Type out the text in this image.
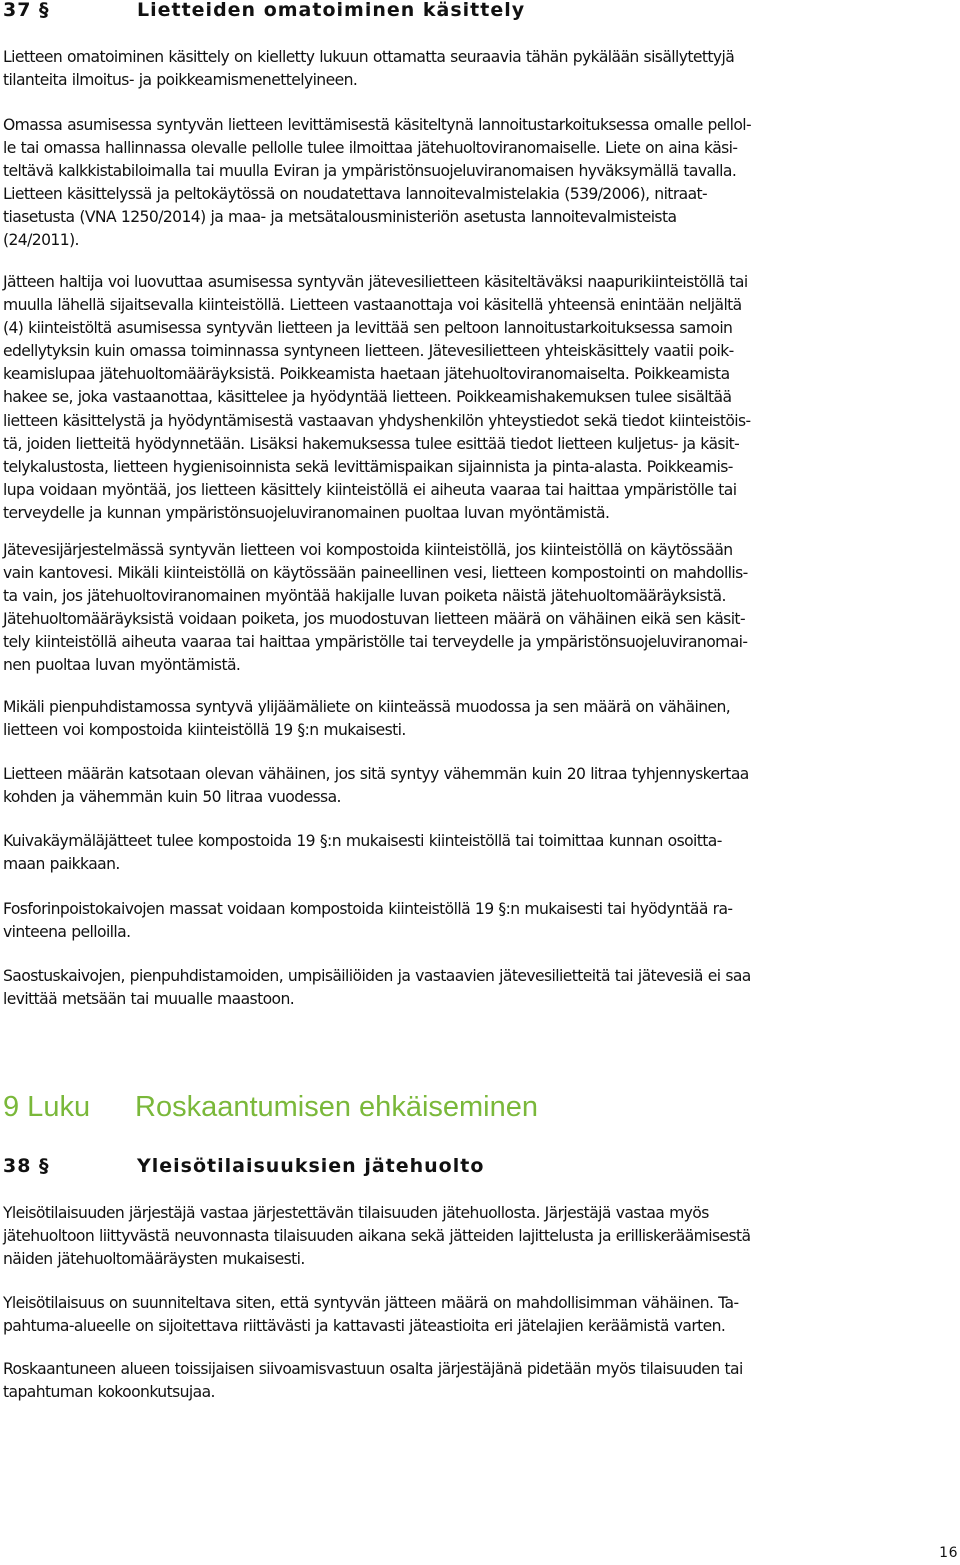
37 §	Lietteiden omatoiminen käsittely

Lietteen omatoiminen käsittely on kielletty lukuun ottamatta seuraavia tähän pykälään sisällytettyjä
tilanteita ilmoitus- ja poikkeamismenettelyineen.

Omassa asumisessa syntyvän lietteen levittämisestä käsiteltynä lannoitustarkoituksessa omalle pellol-
le tai omassa hallinnassa olevalle pellolle tulee ilmoittaa jätehuoltoviranomaiselle. Liete on aina käsi-
teltävä kalkkistabiloimalla tai muulla Eviran ja ympäristönsuojeluviranomaisen hyväksymällä tavalla.
Lietteen käsittelyssä ja peltokäytössä on noudatettava lannoitevalmistelakia (539/2006), nitraat-
tiasetusta (VNA 1250/2014) ja maa- ja metsätalousministeriön asetusta lannoitevalmisteista
(24/2011).

Jätteen haltija voi luovuttaa asumisessa syntyvän jätevesilietteen käsiteltäväksi naapurikiinteistöllä tai
muulla lähellä sijaitsevalla kiinteistöllä. Lietteen vastaanottaja voi käsitellä yhteensä enintään neljältä
(4) kiinteistöltä asumisessa syntyvän lietteen ja levittää sen peltoon lannoitustarkoituksessa samoin
edellytyksin kuin omassa toiminnassa syntyneen lietteen. Jätevesilietteen yhteiskäsittely vaatii poik-
keamislupaa jätehuoltomääräyksistä. Poikkeamista haetaan jätehuoltoviranomaiselta. Poikkeamista
hakee se, joka vastaanottaa, käsittelee ja hyödyntää lietteen. Poikkeamishakemuksen tulee sisältää
lietteen käsittelystä ja hyödyntämisestä vastaavan yhdyshenkilön yhteystiedot sekä tiedot kiinteistöis-
tä, joiden lietteitä hyödynnetään. Lisäksi hakemuksessa tulee esittää tiedot lietteen kuljetus- ja käsit-
telykalustosta, lietteen hygienisoinnista sekä levittämispaikan sijainnista ja pinta-alasta. Poikkeamis-
lupa voidaan myöntää, jos lietteen käsittely kiinteistöllä ei aiheuta vaaraa tai haittaa ympäristölle tai
terveydelle ja kunnan ympäristönsuojeluviranomainen puoltaa luvan myöntämistä.

Jätevesijärjestelmässä syntyvän lietteen voi kompostoida kiinteistöllä, jos kiinteistöllä on käytössään
vain kantovesi. Mikäli kiinteistöllä on käytössään paineellinen vesi, lietteen kompostointi on mahdollis-
ta vain, jos jätehuoltoviranomainen myöntää hakijalle luvan poiketa näistä jätehuoltomääräyksistä.
Jätehuoltomääräyksistä voidaan poiketa, jos muodostuvan lietteen määrä on vähäinen eikä sen käsit-
tely kiinteistöllä aiheuta vaaraa tai haittaa ympäristölle tai terveydelle ja ympäristönsuojeluviranomai-
nen puoltaa luvan myöntämistä.

Mikäli pienpuhdistamossa syntyvä ylijäämäliete on kiinteässä muodossa ja sen määrä on vähäinen,
lietteen voi kompostoida kiinteistöllä 19 §:n mukaisesti.

Lietteen määrän katsotaan olevan vähäinen, jos sitä syntyy vähemmän kuin 20 litraa tyhjennyskertaa
kohden ja vähemmän kuin 50 litraa vuodessa.

Kuivakäymäläjätteet tulee kompostoida 19 §:n mukaisesti kiinteistöllä tai toimittaa kunnan osoitta-
maan paikkaan.

Fosforinpoistokaivojen massat voidaan kompostoida kiinteistöllä 19 §:n mukaisesti tai hyödyntää ra-
vinteena pelloilla.

Saostuskaivojen, pienpuhdistamoiden, umpisäiliöiden ja vastaavien jätevesilietteitä tai jätevesiä ei saa
levittää metsään tai muualle maastoon.

9 Luku	Roskaantumisen ehkäiseminen
38 §	Yleisötilaisuuksien jätehuolto

Yleisötilaisuuden järjestäjä vastaa järjestettävän tilaisuuden jätehuollosta. Järjestäjä vastaa myös
jätehuoltoon liittyvästä neuvonnasta tilaisuuden aikana sekä jätteiden lajittelusta ja erilliskeräämisestä
näiden jätehuoltomääräysten mukaisesti.

Yleisötilaisuus on suunniteltava siten, että syntyvän jätteen määrä on mahdollisimman vähäinen. Ta-
pahtuma-alueelle on sijoitettava riittävästi ja kattavasti jäteastioita eri jätelajien keräämistä varten.

Roskaantuneen alueen toissijaisen siivoamisvastuun osalta järjestäjänä pidetään myös tilaisuuden tai
tapahtuman kokoonkutsujaa.

16
